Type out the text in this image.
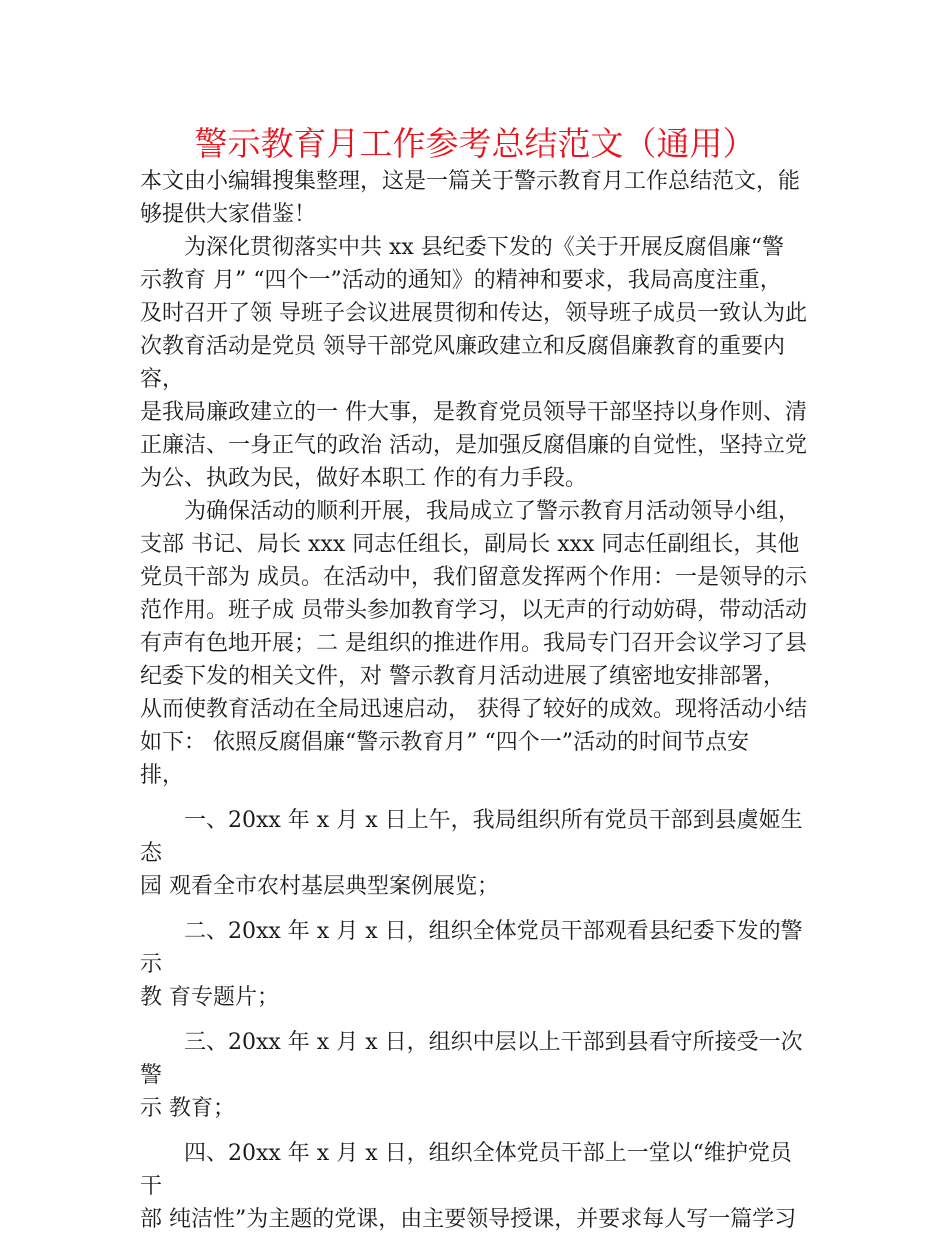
警示教育月工作参考总结范文（通用）

本文由小编辑搜集整理，这是一篇关于警示教育月工作总结范文，能
够提供大家借鉴！

为深化贯彻落实中共 xx 县纪委下发的《关于开展反腐倡廉“警
示教育 月” “四个一”活动的通知》的精神和要求，我局高度注重，
及时召开了领 导班子会议进展贯彻和传达，领导班子成员一致认为此
次教育活动是党员 领导干部党风廉政建立和反腐倡廉教育的重要内容，
是我局廉政建立的一 件大事，是教育党员领导干部坚持以身作则、清
正廉洁、一身正气的政治 活动，是加强反腐倡廉的自觉性，坚持立党
为公、执政为民，做好本职工 作的有力手段。

为确保活动的顺利开展，我局成立了警示教育月活动领导小组，
支部 书记、局长 xxx 同志任组长，副局长 xxx 同志任副组长，其他
党员干部为 成员。在活动中，我们留意发挥两个作用：一是领导的示
范作用。班子成 员带头参加教育学习，以无声的行动妨碍，带动活动
有声有色地开展；二 是组织的推进作用。我局专门召开会议学习了县
纪委下发的相关文件，对 警示教育月活动进展了缜密地安排部署，
从而使教育活动在全局迅速启动， 获得了较好的成效。现将活动小结
如下： 依照反腐倡廉“警示教育月” “四个一”活动的时间节点安
排，

一、20xx 年 x 月 x 日上午，我局组织所有党员干部到县虞姬生态
园 观看全市农村基层典型案例展览；

二、20xx 年 x 月 x 日，组织全体党员干部观看县纪委下发的警示
教 育专题片；

三、20xx 年 x 月 x 日，组织中层以上干部到县看守所接受一次警
示 教育；

四、20xx 年 x 月 x 日，组织全体党员干部上一堂以“维护党员干
部 纯洁性”为主题的党课，由主要领导授课，并要求每人写一篇学习
